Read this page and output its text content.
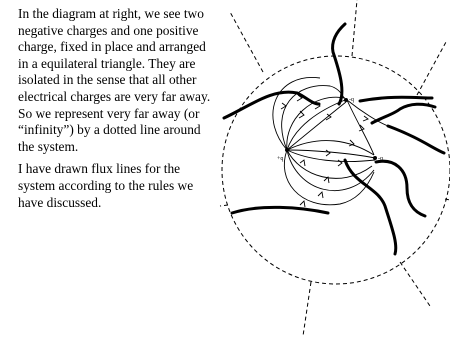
In the diagram at right, we see two negative charges and one positive charge, fixed in place and arranged in a equilateral triangle. They are isolated in the sense that all other electrical charges are very far away. So we represent very far away (or “infinity”) by a dotted line around the system.

I have drawn flux lines for the system according to the rules we have discussed.

-q
+q	-q
